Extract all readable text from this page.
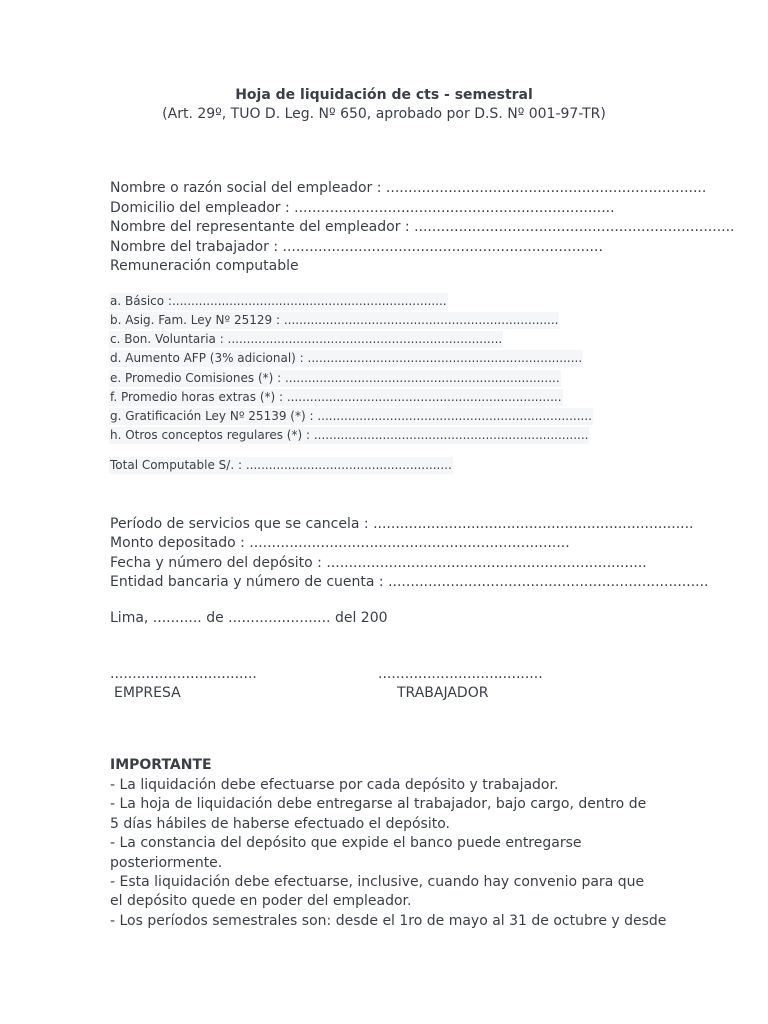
Hoja de liquidación de cts - semestral
(Art. 29º, TUO D. Leg. Nº 650, aprobado por D.S. Nº 001-97-TR)
Nombre o razón social del empleador : ........................................................................
Domicilio del empleador : ........................................................................
Nombre del representante del empleador : ........................................................................
Nombre del trabajador : ........................................................................
Remuneración computable
a. Básico :........................................................................
b. Asig. Fam. Ley Nº 25129 : ........................................................................
c. Bon. Voluntaria : ........................................................................
d. Aumento AFP (3% adicional) : ........................................................................
e. Promedio Comisiones (*) : ........................................................................
f. Promedio horas extras (*) : ........................................................................
g. Gratificación Ley Nº 25139 (*) : ........................................................................
h. Otros conceptos regulares (*) : ........................................................................
Total Computable S/. : ......................................................
Período de servicios que se cancela : ........................................................................
Monto depositado : ........................................................................
Fecha y número del depósito : ........................................................................
Entidad bancaria y número de cuenta : ........................................................................
Lima, ........... de ....................... del 200
.................................
EMPRESA
.....................................
TRABAJADOR
IMPORTANTE

- La liquidación debe efectuarse por cada depósito y trabajador.

- La hoja de liquidación debe entregarse al trabajador, bajo cargo, dentro de 5 días hábiles de haberse efectuado el depósito.

- La constancia del depósito que expide el banco puede entregarse posteriormente.

- Esta liquidación debe efectuarse, inclusive, cuando hay convenio para que el depósito quede en poder del empleador.

- Los períodos semestrales son: desde el 1ro de mayo al 31 de octubre y desde
